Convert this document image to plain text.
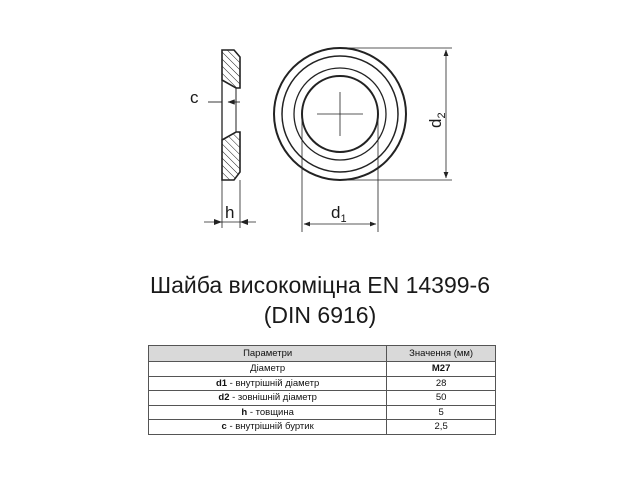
c
h
$d_2$
$d_1$
Шайба високоміцна EN 14399-6
(DIN 6916)
Параметри	Значення (мм)
Діаметр	M27
d1 - внутрішній діаметр	28
d2 - зовнішній діаметр	50
h - товщина	5
c - внутрішній буртик	2,5
